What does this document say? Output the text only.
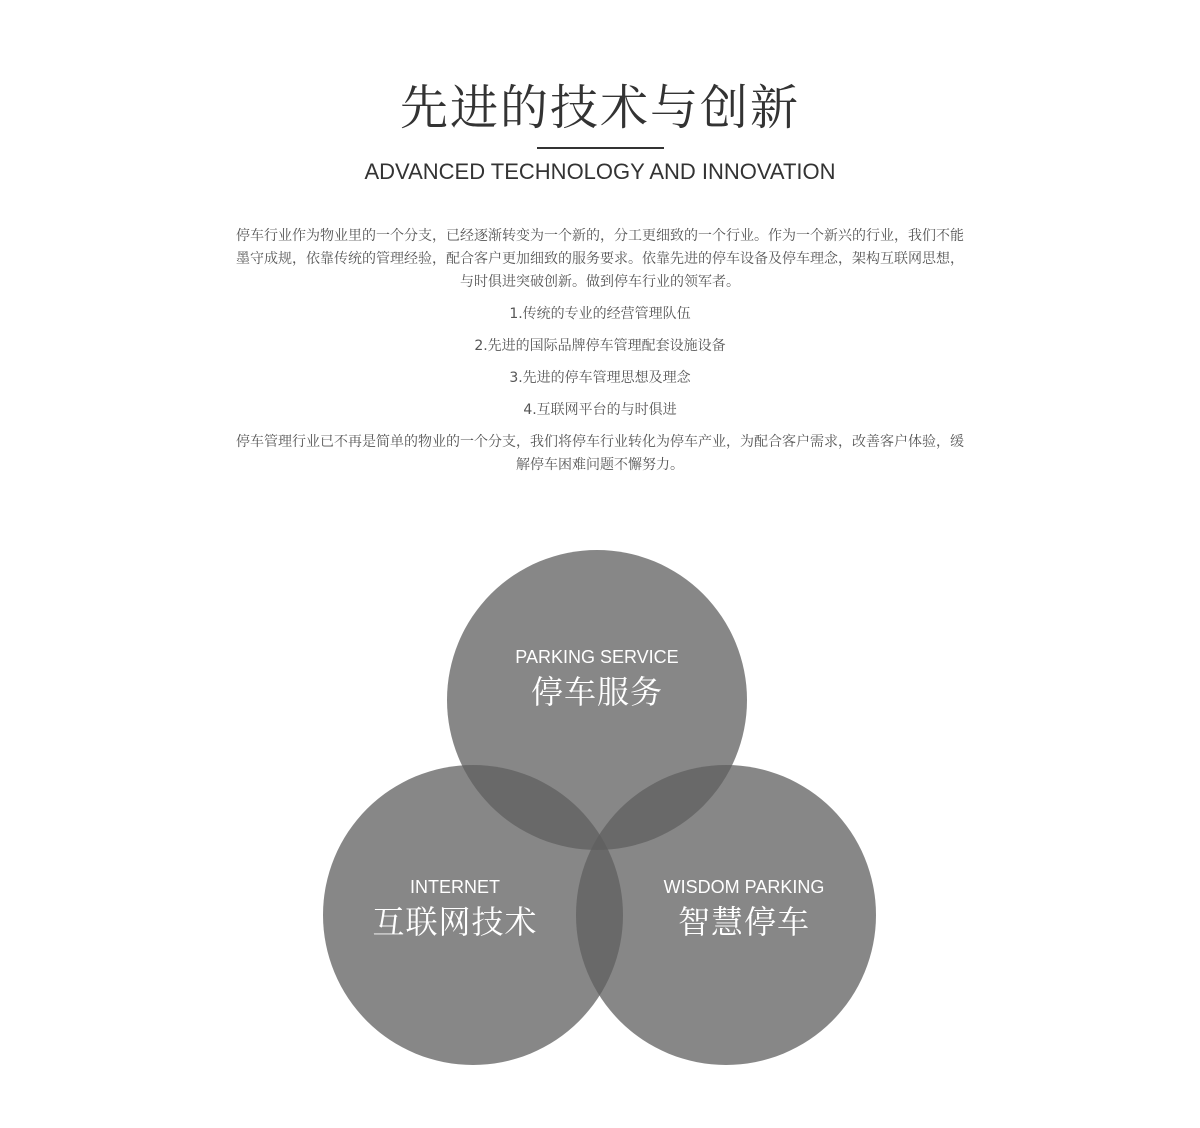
先进的技术与创新
ADVANCED TECHNOLOGY AND INNOVATION

停车行业作为物业里的一个分支，已经逐渐转变为一个新的，分工更细致的一个行业。作为一个新兴的行业，我们不能

墨守成规，依靠传统的管理经验，配合客户更加细致的服务要求。依靠先进的停车设备及停车理念，架构互联网思想，

与时俱进突破创新。做到停车行业的领军者。

1.传统的专业的经营管理队伍

2.先进的国际品牌停车管理配套设施设备

3.先进的停车管理思想及理念

4.互联网平台的与时俱进

停车管理行业已不再是简单的物业的一个分支，我们将停车行业转化为停车产业，为配合客户需求，改善客户体验，缓

解停车困难问题不懈努力。

PARKING SERVICE
停车服务
INTERNET
互联网技术
WISDOM PARKING
智慧停车
